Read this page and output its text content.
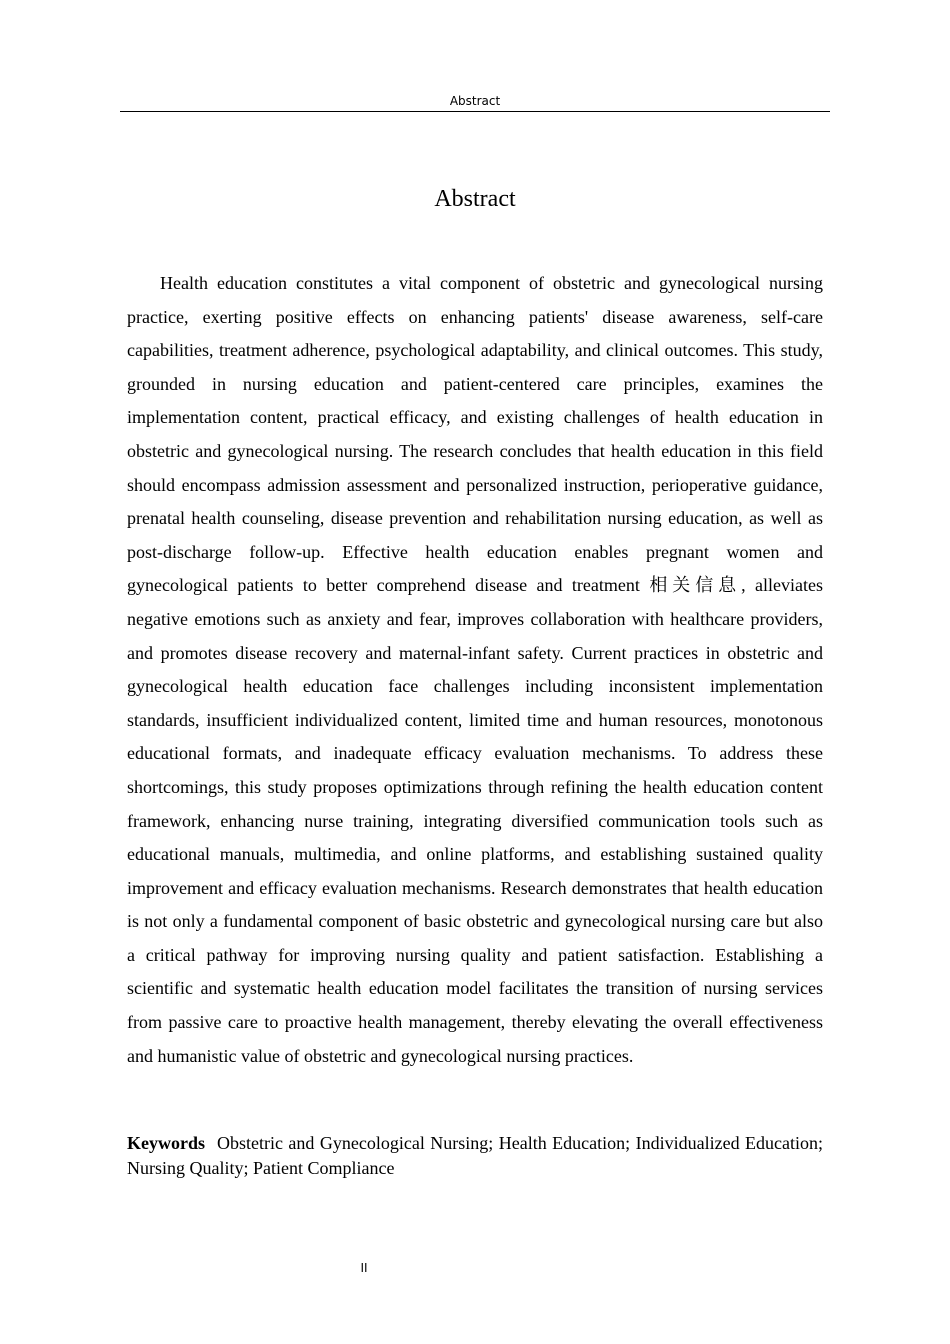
Abstract
Abstract

Health education constitutes a vital component of obstetric and gynecological nursing practice, exerting positive effects on enhancing patients' disease awareness, self-care capabilities, treatment adherence, psychological adaptability, and clinical outcomes. This study, grounded in nursing education and patient-centered care principles, examines the implementation content, practical efficacy, and existing challenges of health education in obstetric and gynecological nursing. The research concludes that health education in this field should encompass admission assessment and personalized instruction, perioperative guidance, prenatal health counseling, disease prevention and rehabilitation nursing education, as well as post-discharge follow-up. Effective health education enables pregnant women and gynecological patients to better comprehend disease and treatment 相关信息, alleviates negative emotions such as anxiety and fear, improves collaboration with healthcare providers, and promotes disease recovery and maternal-infant safety. Current practices in obstetric and gynecological health education face challenges including inconsistent implementation standards, insufficient individualized content, limited time and human resources, monotonous educational formats, and inadequate efficacy evaluation mechanisms. To address these shortcomings, this study proposes optimizations through refining the health education content framework, enhancing nurse training, integrating diversified communication tools such as educational manuals, multimedia, and online platforms, and establishing sustained quality improvement and efficacy evaluation mechanisms. Research demonstrates that health education is not only a fundamental component of basic obstetric and gynecological nursing care but also a critical pathway for improving nursing quality and patient satisfaction. Establishing a scientific and systematic health education model facilitates the transition of nursing services from passive care to proactive health management, thereby elevating the overall effectiveness and humanistic value of obstetric and gynecological nursing practices.

Keywords Obstetric and Gynecological Nursing; Health Education; Individualized Education; Nursing Quality; Patient Compliance

II
